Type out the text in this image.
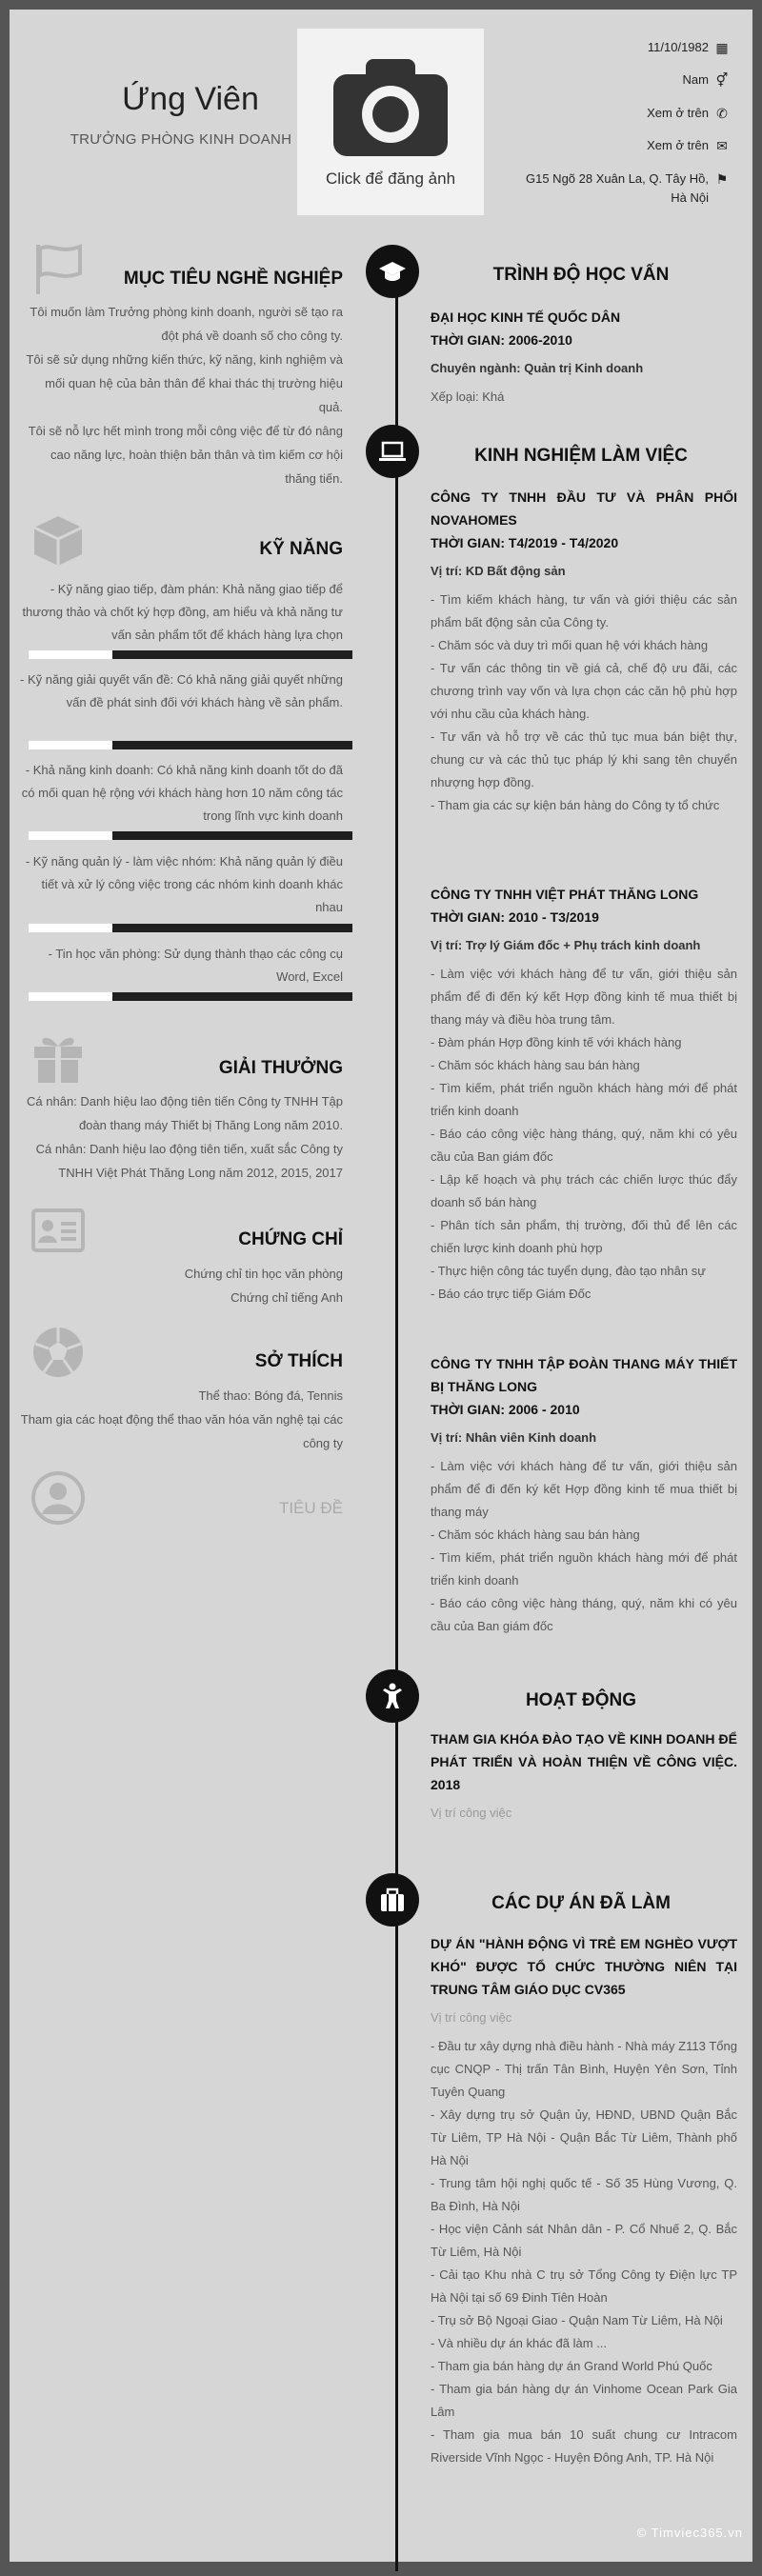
Ứng Viên
TRƯỞNG PHÒNG KINH DOANH
Click để đăng ảnh
11/10/1982 ▦
Nam ⚥
Xem ở trên ✆
Xem ở trên ✉
G15 Ngõ 28 Xuân La, Q. Tây Hồ, Hà Nội⚑
MỤC TIÊU NGHỀ NGHIỆP
Tôi muốn làm Trưởng phòng kinh doanh, người sẽ tạo ra đột phá về doanh số cho công ty.
Tôi sẽ sử dụng những kiến thức, kỹ năng, kinh nghiệm và mối quan hệ của bản thân để khai thác thị trường hiệu quả.
Tôi sẽ nỗ lực hết mình trong mỗi công việc để từ đó nâng cao năng lực, hoàn thiện bản thân và tìm kiếm cơ hội thăng tiến.
KỸ NĂNG
- Kỹ năng giao tiếp, đàm phán: Khả năng giao tiếp để thương thảo và chốt ký hợp đồng, am hiểu và khả năng tư vấn sản phẩm tốt để khách hàng lựa chọn
- Kỹ năng giải quyết vấn đề: Có khả năng giải quyết những vấn đề phát sinh đối với khách hàng về sản phẩm.
- Khả năng kinh doanh: Có khả năng kinh doanh tốt do đã có mối quan hệ rộng với khách hàng hơn 10 năm công tác trong lĩnh vực kinh doanh
- Kỹ năng quản lý - làm việc nhóm: Khả năng quản lý điều tiết và xử lý công việc trong các nhóm kinh doanh khác nhau
- Tin học văn phòng: Sử dụng thành thạo các công cụ Word, Excel
GIẢI THƯỞNG
Cá nhân: Danh hiệu lao động tiên tiến Công ty TNHH Tập đoàn thang máy Thiết bị Thăng Long năm 2010.
Cá nhân: Danh hiệu lao động tiên tiến, xuất sắc Công ty TNHH Việt Phát Thăng Long năm 2012, 2015, 2017
CHỨNG CHỈ
Chứng chỉ tin học văn phòng
Chứng chỉ tiếng Anh
SỞ THÍCH
Thể thao: Bóng đá, Tennis
Tham gia các hoạt động thể thao văn hóa văn nghệ tại các công ty
TIÊU ĐỀ
TRÌNH ĐỘ HỌC VẤN

ĐẠI HỌC KINH TẾ QUỐC DÂN

THỜI GIAN: 2006-2010

Chuyên ngành: Quản trị Kinh doanh

Xếp loại: Khá

KINH NGHIỆM LÀM VIỆC

CÔNG TY TNHH ĐẦU TƯ VÀ PHÂN PHỐI NOVAHOMES

THỜI GIAN: T4/2019 - T4/2020

Vị trí: KD Bất động sản

- Tìm kiếm khách hàng, tư vấn và giới thiệu các sản phẩm bất động sản của Công ty.

- Chăm sóc và duy trì mối quan hệ với khách hàng

- Tư vấn các thông tin về giá cả, chế độ ưu đãi, các chương trình vay vốn và lựa chọn các căn hộ phù hợp với nhu cầu của khách hàng.

- Tư vấn và hỗ trợ về các thủ tục mua bán biệt thự, chung cư và các thủ tục pháp lý khi sang tên chuyển nhượng hợp đồng.

- Tham gia các sự kiện bán hàng do Công ty tổ chức

CÔNG TY TNHH VIỆT PHÁT THĂNG LONG

THỜI GIAN: 2010 - T3/2019

Vị trí: Trợ lý Giám đốc + Phụ trách kinh doanh

- Làm việc với khách hàng để tư vấn, giới thiệu sản phẩm để đi đến ký kết Hợp đồng kinh tế mua thiết bị thang máy và điều hòa trung tâm.

- Đàm phán Hợp đồng kinh tế với khách hàng

- Chăm sóc khách hàng sau bán hàng

- Tìm kiếm, phát triển nguồn khách hàng mới để phát triển kinh doanh

- Báo cáo công việc hàng tháng, quý, năm khi có yêu cầu của Ban giám đốc

- Lập kế hoạch và phụ trách các chiến lược thúc đẩy doanh số bán hàng

- Phân tích sản phẩm, thị trường, đối thủ để lên các chiến lược kinh doanh phù hợp

- Thực hiện công tác tuyển dụng, đào tạo nhân sự

- Báo cáo trực tiếp Giám Đốc

CÔNG TY TNHH TẬP ĐOÀN THANG MÁY THIẾT BỊ THĂNG LONG

THỜI GIAN: 2006 - 2010

Vị trí: Nhân viên Kinh doanh

- Làm việc với khách hàng để tư vấn, giới thiệu sản phẩm để đi đến ký kết Hợp đồng kinh tế mua thiết bị thang máy

- Chăm sóc khách hàng sau bán hàng

- Tìm kiếm, phát triển nguồn khách hàng mới để phát triển kinh doanh

- Báo cáo công việc hàng tháng, quý, năm khi có yêu cầu của Ban giám đốc

HOẠT ĐỘNG

THAM GIA KHÓA ĐÀO TẠO VỀ KINH DOANH ĐỂ PHÁT TRIỂN VÀ HOÀN THIỆN VỀ CÔNG VIỆC. 2018

Vị trí công việc

CÁC DỰ ÁN ĐÃ LÀM

DỰ ÁN "HÀNH ĐỘNG VÌ TRẺ EM NGHÈO VƯỢT KHÓ" ĐƯỢC TỔ CHỨC THƯỜNG NIÊN TẠI TRUNG TÂM GIÁO DỤC CV365

Vị trí công việc

- Đầu tư xây dựng nhà điều hành - Nhà máy Z113 Tổng cục CNQP - Thị trấn Tân Bình, Huyện Yên Sơn, Tỉnh Tuyên Quang

- Xây dựng trụ sở Quận ủy, HĐND, UBND Quận Bắc Từ Liêm, TP Hà Nội - Quận Bắc Từ Liêm, Thành phố Hà Nội

- Trung tâm hội nghị quốc tế - Số 35 Hùng Vương, Q. Ba Đình, Hà Nội

- Học viện Cảnh sát Nhân dân - P. Cổ Nhuế 2, Q. Bắc Từ Liêm, Hà Nội

- Cải tạo Khu nhà C trụ sở Tổng Công ty Điện lực TP Hà Nội tại số 69 Đinh Tiên Hoàn

- Trụ sở Bộ Ngoại Giao - Quận Nam Từ Liêm, Hà Nội

- Và nhiều dự án khác đã làm ...

- Tham gia bán hàng dự án Grand World Phú Quốc

- Tham gia bán hàng dự án Vinhome Ocean Park Gia Lâm

- Tham gia mua bán 10 suất chung cư Intracom Riverside Vĩnh Ngọc - Huyện Đông Anh, TP. Hà Nội

© Timviec365.vn
